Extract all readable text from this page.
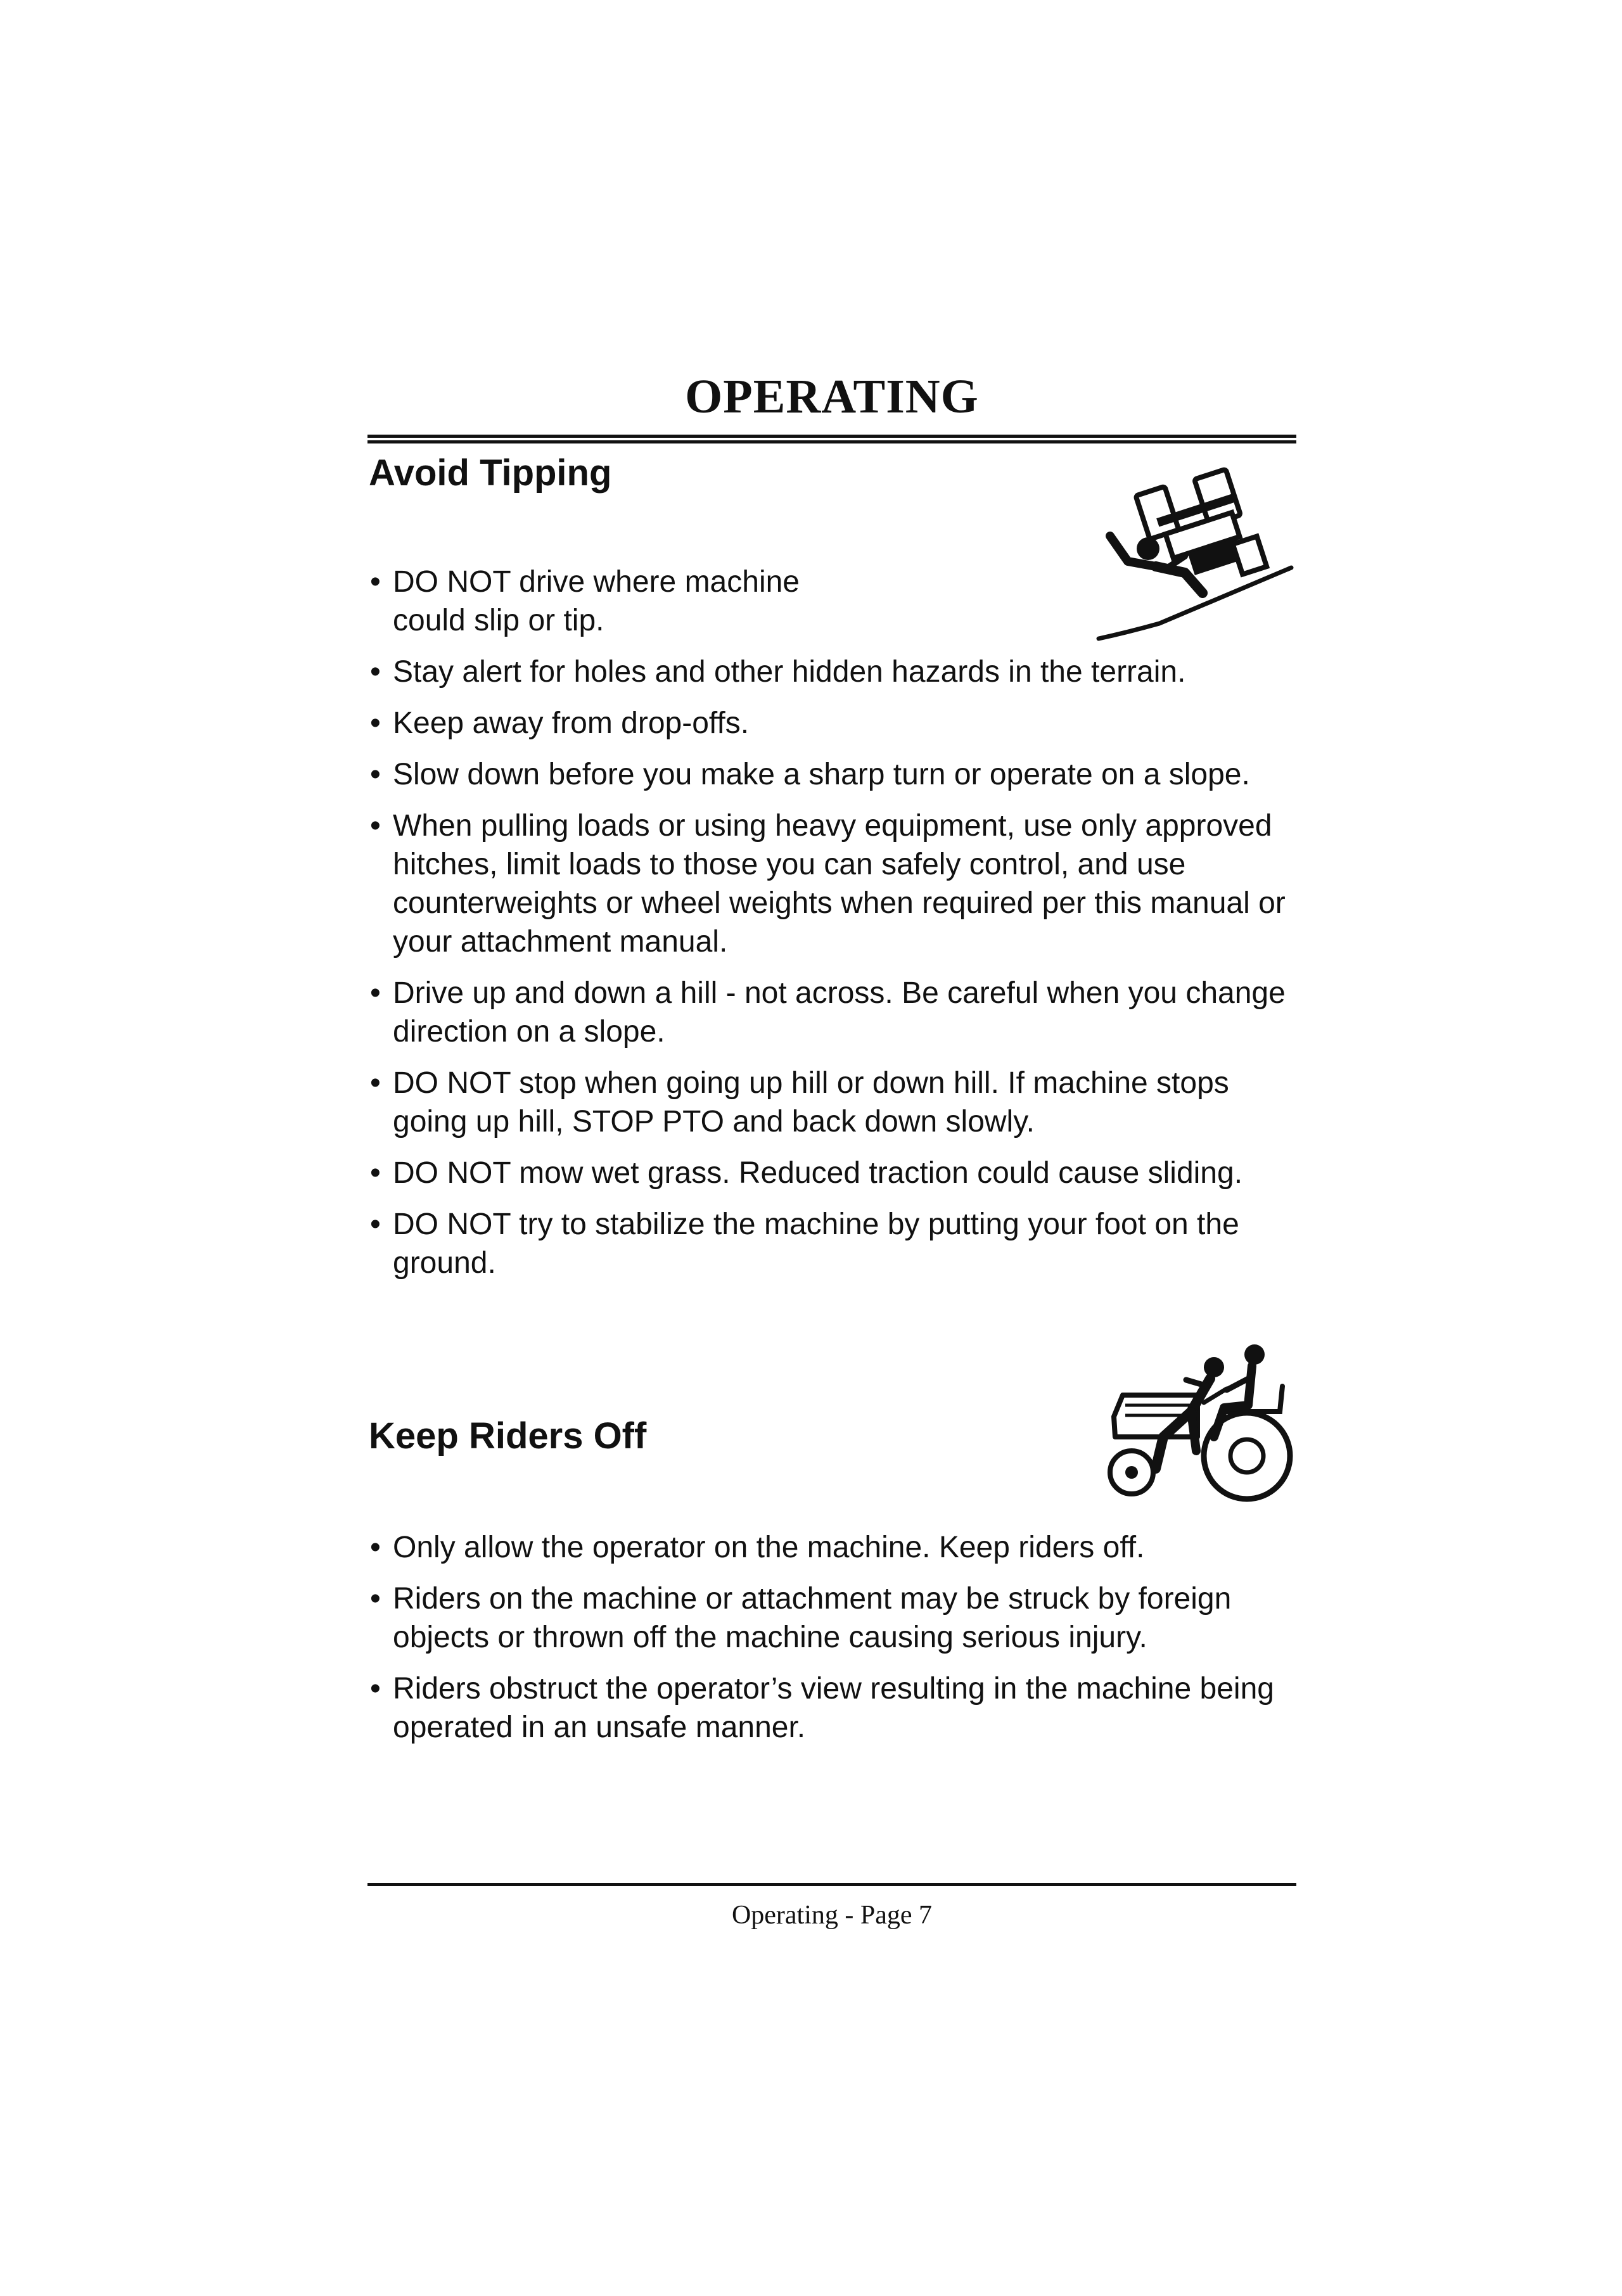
OPERATING
Avoid Tipping
• DO NOT drive where machine could slip or tip.
• Stay alert for holes and other hidden hazards in the terrain.
• Keep away from drop-offs.
• Slow down before you make a sharp turn or operate on a slope.
• When pulling loads or using heavy equipment, use only approved hitches, limit loads to those you can safely control, and use counterweights or wheel weights when required per this manual or your attachment manual.
• Drive up and down a hill - not across. Be careful when you change direction on a slope.
• DO NOT stop when going up hill or down hill. If machine stops going up hill, STOP PTO and back down slowly.
• DO NOT mow wet grass. Reduced traction could cause sliding.
• DO NOT try to stabilize the machine by putting your foot on the ground.
Keep Riders Off
• Only allow the operator on the machine. Keep riders off.
• Riders on the machine or attachment may be struck by foreign objects or thrown off the machine causing serious injury.
• Riders obstruct the operator’s view resulting in the machine being operated in an unsafe manner.
Operating - Page 7
